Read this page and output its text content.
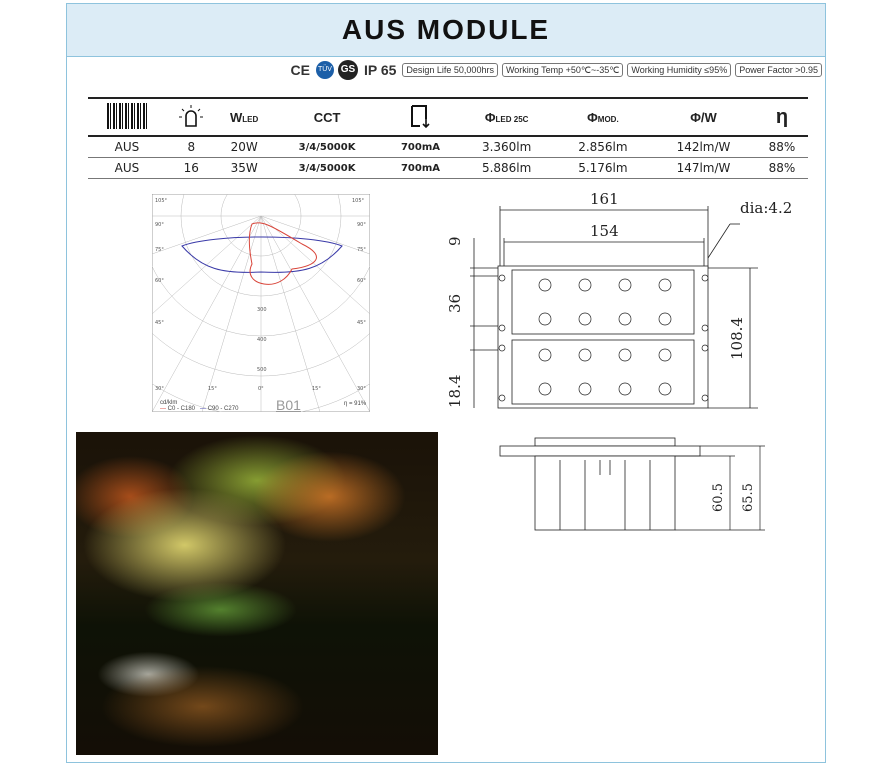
AUS MODULE
CE TÜV GS IP 65	Design Life 50,000hrs	Working Temp +50℃~-35℃	Working Humidity ≤95%	Power Factor >0.95
		WLED	CCT		ΦLED 25C	ΦMOD.	Φ/W	η
AUS	8	20W	3/4/5000K	700mA	3.360lm	2.856lm	142lm/W	88%
AUS	16	35W	3/4/5000K	700mA	5.886lm	5.176lm	147lm/W	88%
105°	105°
90°	90°
75°	75°
60°	60°
45°	45°
30°	30°
15°	15°
0°
300
400
500
cd/klm
— C0 - C180 — C90 - C270	B01	η = 91%
161
154
dia:4.2
9
36
18.4
108.4
60.5 65.5
